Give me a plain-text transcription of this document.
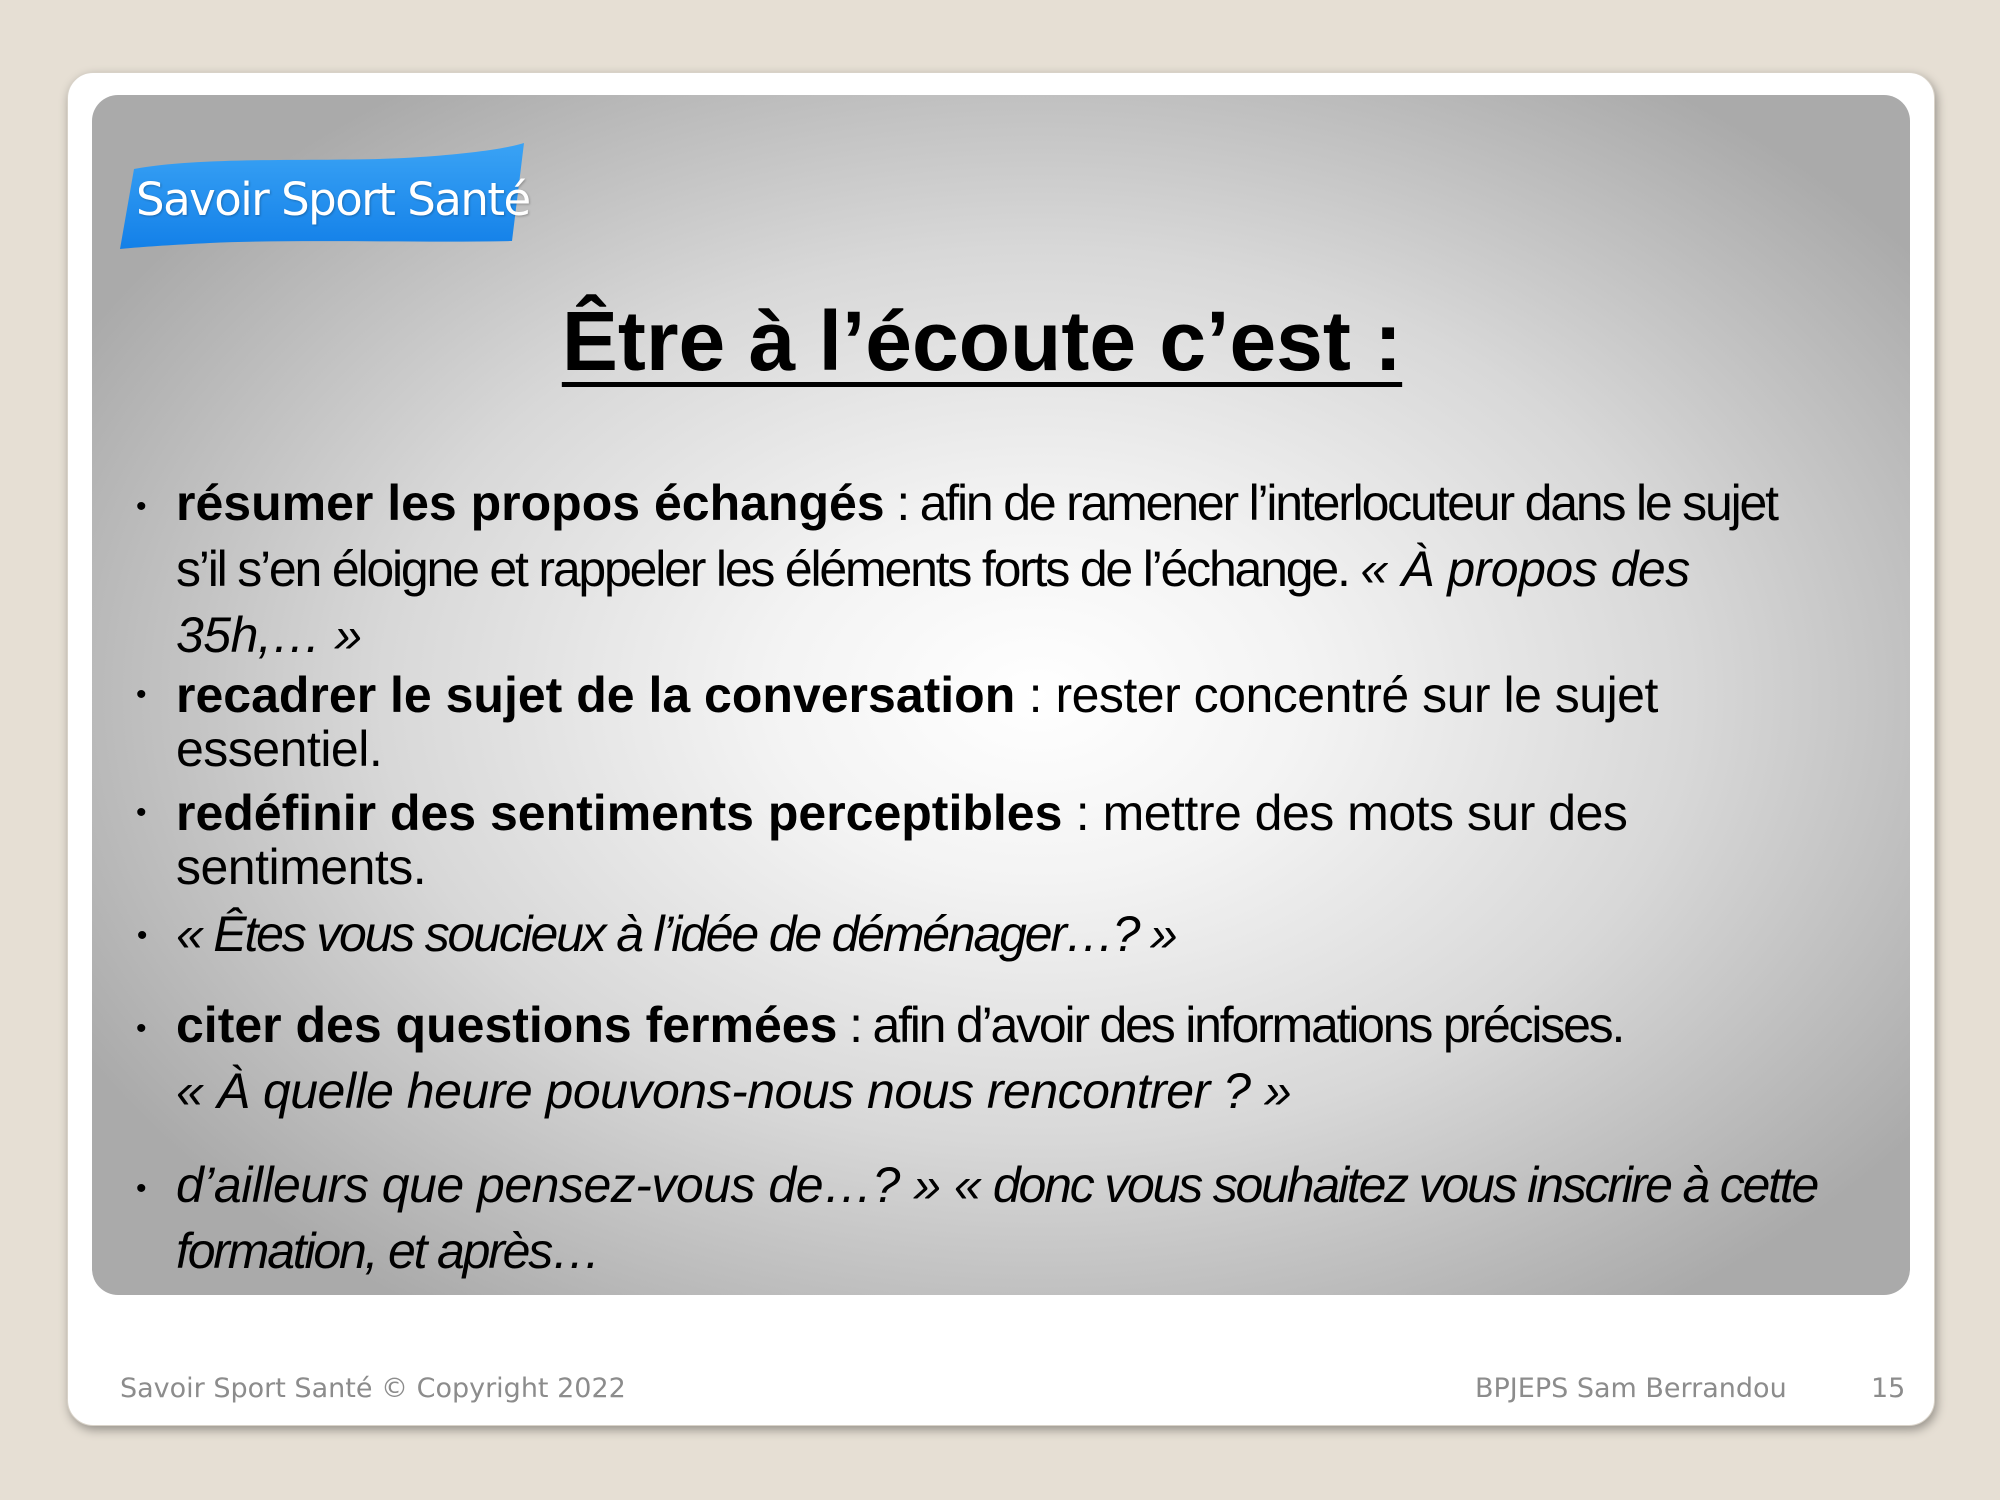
Savoir Sport Santé
Être à l’écoute c’est :
• résumer les propos échangés : afin de ramener l’interlocuteur dans le sujet s’il s’en éloigne et rappeler les éléments forts de l’échange. « À propos des 35h,… »
• recadrer le sujet de la conversation : rester concentré sur le sujet essentiel.
• redéfinir des sentiments perceptibles : mettre des mots sur des sentiments.
• « Êtes vous soucieux à l’idée de déménager…? »
• citer des questions fermées : afin d’avoir des informations précises.
« À quelle heure pouvons-nous nous rencontrer ? »
• d’ailleurs que pensez-vous de…? » « donc vous souhaitez vous inscrire à cette formation, et après…
Savoir Sport Santé © Copyright 2022	BPJEPS Sam Berrandou	15
